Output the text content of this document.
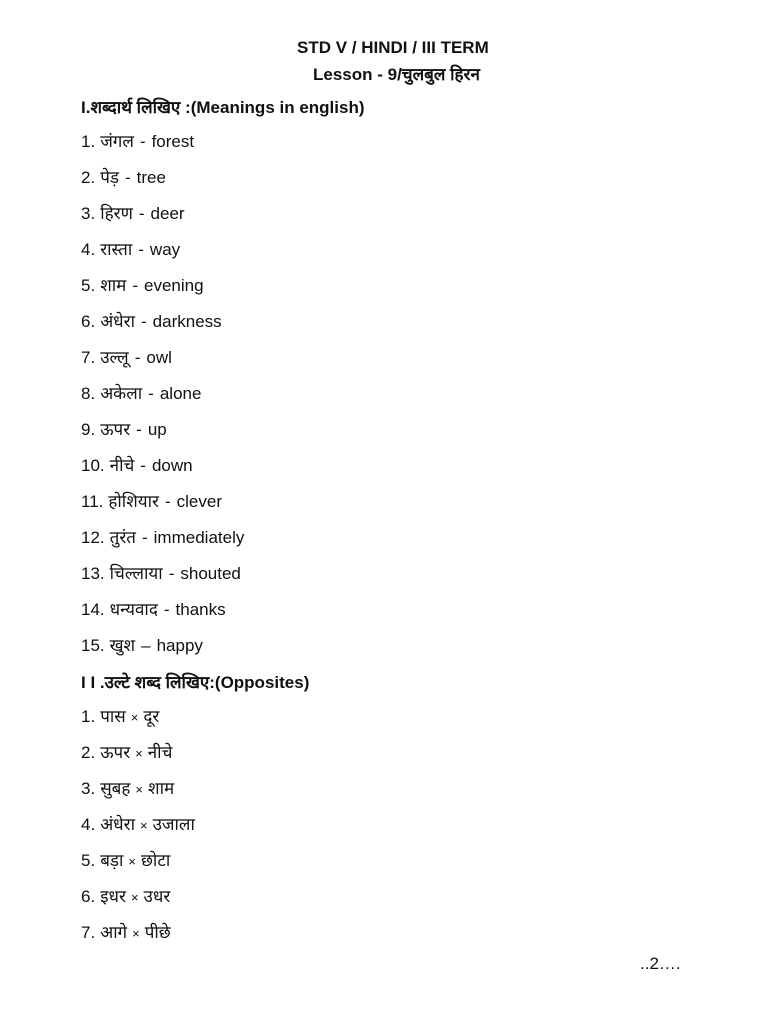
STD V / HINDI / III TERM
Lesson - 9/चुलबुल हिरन
I.शब्दार्थ लिखिए :(Meanings in english)
1. जंगल - forest
2. पेड़ - tree
3. हिरण - deer
4. रास्ता - way
5. शाम - evening
6. अंधेरा - darkness
7. उल्लू - owl
8. अकेला - alone
9. ऊपर - up
10. नीचे - down
11. होशियार - clever
12. तुरंत - immediately
13. चिल्लाया - shouted
14. धन्यवाद - thanks
15. खुश – happy
I I .उल्टे शब्द लिखिए:(Opposites)
1. पास × दूर
2. ऊपर × नीचे
3. सुबह × शाम
4. अंधेरा × उजाला
5. बड़ा × छोटा
6. इधर × उधर
7. आगे × पीछे
..2….
